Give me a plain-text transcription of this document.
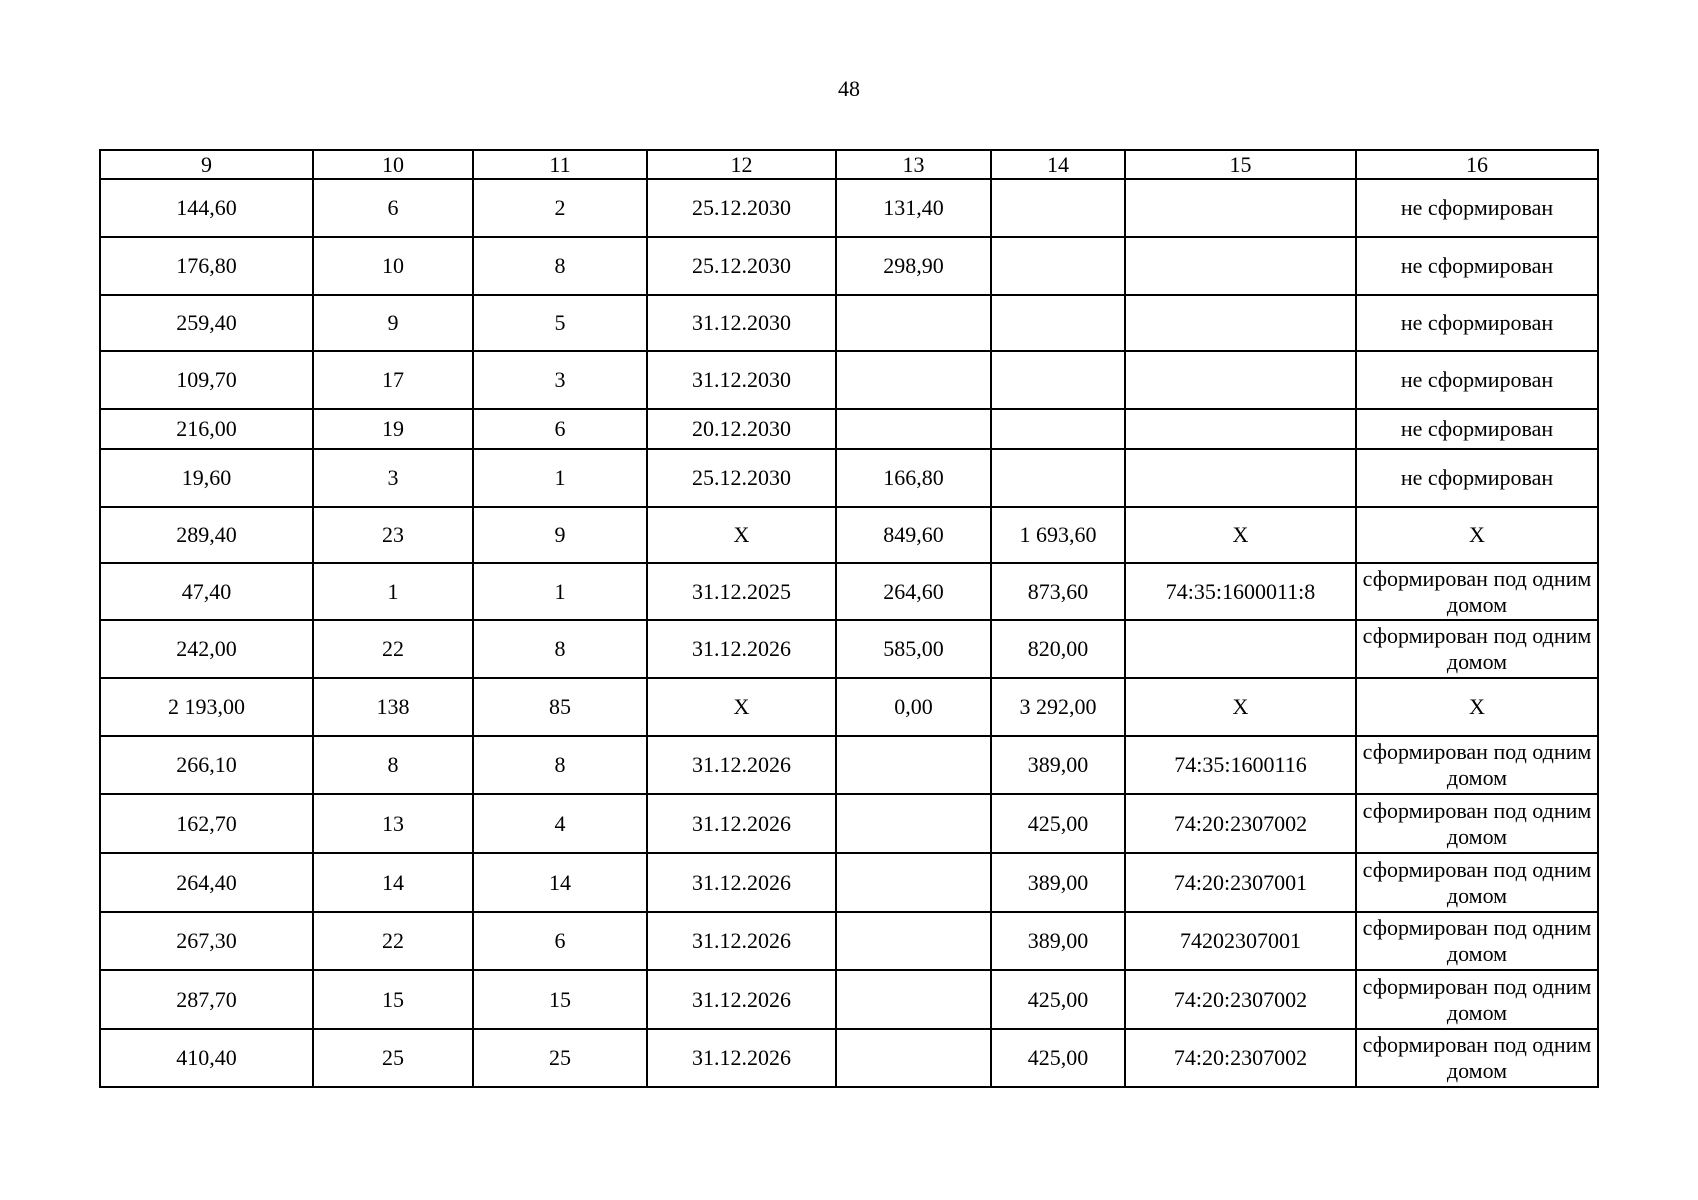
48
9	10	11	12	13	14	15	16
144,60	6	2	25.12.2030	131,40			не сформирован
176,80	10	8	25.12.2030	298,90			не сформирован
259,40	9	5	31.12.2030				не сформирован
109,70	17	3	31.12.2030				не сформирован
216,00	19	6	20.12.2030				не сформирован
19,60	3	1	25.12.2030	166,80			не сформирован
289,40	23	9	X	849,60	1 693,60	X	X
47,40	1	1	31.12.2025	264,60	873,60	74:35:1600011:8	сформирован под одним домом
242,00	22	8	31.12.2026	585,00	820,00		сформирован под одним домом
2 193,00	138	85	X	0,00	3 292,00	X	X
266,10	8	8	31.12.2026		389,00	74:35:1600116	сформирован под одним домом
162,70	13	4	31.12.2026		425,00	74:20:2307002	сформирован под одним домом
264,40	14	14	31.12.2026		389,00	74:20:2307001	сформирован под одним домом
267,30	22	6	31.12.2026		389,00	74202307001	сформирован под одним домом
287,70	15	15	31.12.2026		425,00	74:20:2307002	сформирован под одним домом
410,40	25	25	31.12.2026		425,00	74:20:2307002	сформирован под одним домом
